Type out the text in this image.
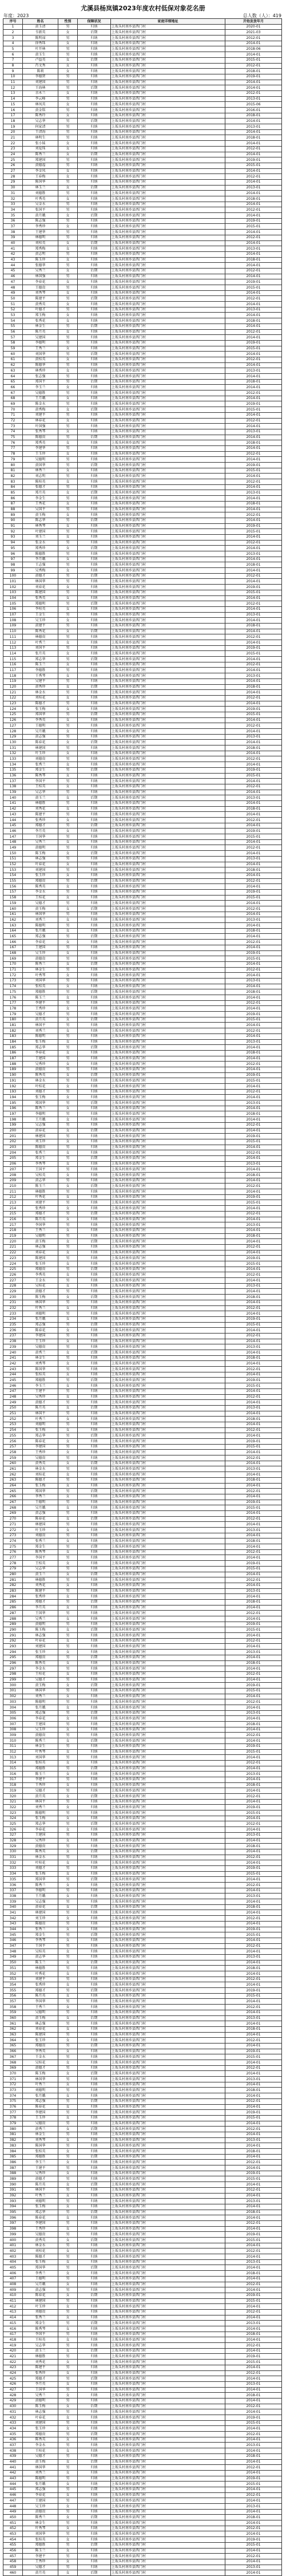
尤溪县杨岚镇2023年度农村低保对象花名册
年度：2023	总人数（人）：419
序号	姓名	性别	保障状况	家庭详细地址	开始发放年月
1	黄玉清	男	归纳	上坂头村南乡县西门村	2020-01
2	韦新英	女	后期	上坂头村南乡县西门村	2021-03
3	陈明禄	男	归纳	上坂头村南乡县西门村	2012-01
4	徐秀珠	女	归纳	上坂头村南乡县西门村	2014-01
5	叶开林	男	归纳	上坂头村南乡县西门村	2018-06
6	黄玉生	男	归纳	上坂头村南乡县西门村	2014-01
7	卢益英	女	后期	上坂头村南乡县西门村	2015-01
8	肖文秀	女	归纳	上坂头村南乡县西门村	2012-01
9	陈莉	女	归纳	上坂头村南乡县西门村	2018-01
10	李德贤	男	归纳	上坂头村南乡县西门村	2019-01
11	刘建国	男	归纳	上坂头村南乡县西门村	2014-01
12	王海林	男	后期	上坂头村南乡县西门村	2014-01
13	余木兰	女	归纳	上坂头村南乡县西门村	2012-01
14	李云峰	男	归纳	上坂头村南乡县西门村	2013-01
15	林凤英	女	归纳	上坂头村南乡县西门村	2015-06
16	黄金铭	男	归纳	上坂头村南乡县西门村	2016-01
17	陈秀玲	女	归纳	上坂头村南乡县西门村	2018-01
18	吴志华	男	后期	上坂头村南乡县西门村	2014-01
19	何家清	男	归纳	上坂头村南乡县西门村	2013-01
20	王清海	男	归纳	上坂头村南乡县西门村	2014-01
21	林明生	男	归纳	上坂头村南乡县西门村	2018-01
22	张小妹	女	归纳	上坂头村南乡县西门村	2014-01
23	刘爱珠	女	归纳	上坂头村南乡县西门村	2012-01
24	陈秀兰	女	后期	上坂头村南乡县西门村	2014-01
25	郑建国	男	归纳	上坂头村南乡县西门村	2019-01
26	黄德福	男	归纳	上坂头村南乡县西门村	2015-01
27	李金凤	女	归纳	上坂头村南乡县西门村	2014-01
28	王春梅	女	归纳	上坂头村南乡县西门村	2012-01
29	陈国华	男	归纳	上坂头村南乡县西门村	2014-01
30	林玉兰	女	后期	上坂头村南乡县西门村	2013-01
31	刘德胜	男	归纳	上坂头村南乡县西门村	2014-01
32	叶秀英	女	归纳	上坂头村南乡县西门村	2018-01
33	吴金水	男	归纳	上坂头村南乡县西门村	2014-01
34	张国平	男	归纳	上坂头村南乡县西门村	2012-01
35	黄月娥	女	后期	上坂头村南乡县西门村	2014-01
36	陈志强	男	归纳	上坂头村南乡县西门村	2019-01
37	李秀珍	女	归纳	上坂头村南乡县西门村	2015-01
38	王建华	男	归纳	上坂头村南乡县西门村	2014-01
39	林德明	男	归纳	上坂头村南乡县西门村	2012-01
40	刘桂英	女	后期	上坂头村南乡县西门村	2014-01
41	郑秀梅	女	归纳	上坂头村南乡县西门村	2013-01
42	黄志明	男	归纳	上坂头村南乡县西门村	2014-01
43	陈玉珍	女	归纳	上坂头村南乡县西门村	2018-01
44	张德华	男	归纳	上坂头村南乡县西门村	2014-01
45	吴秀兰	女	后期	上坂头村南乡县西门村	2012-01
46	林国强	男	归纳	上坂头村南乡县西门村	2014-01
47	李春花	女	归纳	上坂头村南乡县西门村	2019-01
48	王德贵	男	归纳	上坂头村南乡县西门村	2015-01
49	刘秀琴	女	归纳	上坂头村南乡县西门村	2014-01
50	陈建平	男	后期	上坂头村南乡县西门村	2012-01
51	黄秀英	女	归纳	上坂头村南乡县西门村	2014-01
52	叶德才	男	归纳	上坂头村南乡县西门村	2013-01
53	郑玉梅	女	归纳	上坂头村南乡县西门村	2014-01
54	张秀花	女	归纳	上坂头村南乡县西门村	2018-01
55	林金生	男	后期	上坂头村南乡县西门村	2014-01
56	陈月英	女	归纳	上坂头村南乡县西门村	2012-01
57	吴建国	男	归纳	上坂头村南乡县西门村	2014-01
58	李德明	男	归纳	上坂头村南乡县西门村	2019-01
59	王秀兰	女	归纳	上坂头村南乡县西门村	2015-01
60	刘国华	男	后期	上坂头村南乡县西门村	2014-01
61	黄桂英	女	归纳	上坂头村南乡县西门村	2012-01
62	陈德华	男	归纳	上坂头村南乡县西门村	2014-01
63	林秀珍	女	归纳	上坂头村南乡县西门村	2013-01
64	张志强	男	归纳	上坂头村南乡县西门村	2014-01
65	郑国平	男	后期	上坂头村南乡县西门村	2018-01
66	李玉兰	女	归纳	上坂头村南乡县西门村	2014-01
67	吴德胜	男	归纳	上坂头村南乡县西门村	2012-01
68	王月娥	女	归纳	上坂头村南乡县西门村	2014-01
69	陈金水	男	归纳	上坂头村南乡县西门村	2019-01
70	黄秀梅	女	后期	上坂头村南乡县西门村	2015-01
71	刘建平	男	归纳	上坂头村南乡县西门村	2014-01
72	林春花	女	归纳	上坂头村南乡县西门村	2012-01
73	叶国强	男	归纳	上坂头村南乡县西门村	2014-01
74	张秀琴	女	归纳	上坂头村南乡县西门村	2013-01
75	陈德贵	男	后期	上坂头村南乡县西门村	2014-01
76	郑秀英	女	归纳	上坂头村南乡县西门村	2018-01
77	李建华	男	归纳	上坂头村南乡县西门村	2014-01
78	王玉珍	女	归纳	上坂头村南乡县西门村	2012-01
79	吴德明	男	归纳	上坂头村南乡县西门村	2014-01
80	黄国华	男	后期	上坂头村南乡县西门村	2019-01
81	林秀兰	女	归纳	上坂头村南乡县西门村	2015-01
82	刘志明	男	归纳	上坂头村南乡县西门村	2014-01
83	陈桂英	女	归纳	上坂头村南乡县西门村	2012-01
84	张德才	男	归纳	上坂头村南乡县西门村	2014-01
85	郑月英	女	后期	上坂头村南乡县西门村	2013-01
86	李金生	男	归纳	上坂头村南乡县西门村	2014-01
87	王秀花	女	归纳	上坂头村南乡县西门村	2018-01
88	吴国平	男	归纳	上坂头村南乡县西门村	2014-01
89	黄玉梅	女	归纳	上坂头村南乡县西门村	2012-01
90	陈志华	男	后期	上坂头村南乡县西门村	2014-01
91	林秀琴	女	归纳	上坂头村南乡县西门村	2019-01
92	叶建国	男	归纳	上坂头村南乡县西门村	2015-01
93	刘玉兰	女	归纳	上坂头村南乡县西门村	2014-01
94	张金水	男	归纳	上坂头村南乡县西门村	2012-01
95	郑秀珍	女	后期	上坂头村南乡县西门村	2014-01
96	陈德胜	男	归纳	上坂头村南乡县西门村	2013-01
97	李月娥	女	归纳	上坂头村南乡县西门村	2014-01
98	王志强	男	归纳	上坂头村南乡县西门村	2018-01
99	吴秀梅	女	归纳	上坂头村南乡县西门村	2014-01
100	黄德才	男	后期	上坂头村南乡县西门村	2012-01
101	林国华	男	归纳	上坂头村南乡县西门村	2014-01
102	刘春花	女	归纳	上坂头村南乡县西门村	2019-01
103	陈建国	男	归纳	上坂头村南乡县西门村	2015-01
104	张秀英	女	归纳	上坂头村南乡县西门村	2014-01
105	郑德明	男	后期	上坂头村南乡县西门村	2012-01
106	李桂英	女	归纳	上坂头村南乡县西门村	2014-01
107	王金生	男	归纳	上坂头村南乡县西门村	2013-01
108	吴玉珍	女	归纳	上坂头村南乡县西门村	2014-01
109	黄建平	男	归纳	上坂头村南乡县西门村	2018-01
110	陈秀花	女	后期	上坂头村南乡县西门村	2014-01
111	林德贵	男	归纳	上坂头村南乡县西门村	2012-01
112	叶秀兰	女	归纳	上坂头村南乡县西门村	2014-01
113	刘国平	男	归纳	上坂头村南乡县西门村	2019-01
114	张月英	女	归纳	上坂头村南乡县西门村	2015-01
115	郑志华	男	后期	上坂头村南乡县西门村	2014-01
116	陈玉兰	女	归纳	上坂头村南乡县西门村	2012-01
117	李德胜	男	归纳	上坂头村南乡县西门村	2014-01
118	王秀琴	女	归纳	上坂头村南乡县西门村	2013-01
119	吴建平	男	归纳	上坂头村南乡县西门村	2014-01
120	黄秀珍	女	后期	上坂头村南乡县西门村	2018-01
121	林金水	男	归纳	上坂头村南乡县西门村	2014-01
122	刘桂花	女	归纳	上坂头村南乡县西门村	2012-01
123	陈德才	男	归纳	上坂头村南乡县西门村	2014-01
124	张玉梅	女	归纳	上坂头村南乡县西门村	2019-01
125	郑国华	男	后期	上坂头村南乡县西门村	2015-01
126	李秀英	女	归纳	上坂头村南乡县西门村	2014-01
127	王德明	男	归纳	上坂头村南乡县西门村	2012-01
128	吴月娥	女	归纳	上坂头村南乡县西门村	2014-01
129	黄志强	男	归纳	上坂头村南乡县西门村	2013-01
130	陈春花	女	后期	上坂头村南乡县西门村	2014-01
131	林建国	男	归纳	上坂头村南乡县西门村	2018-01
132	叶玉珍	女	归纳	上坂头村南乡县西门村	2014-01
133	刘德贵	男	归纳	上坂头村南乡县西门村	2012-01
134	张秀兰	女	归纳	上坂头村南乡县西门村	2014-01
135	郑金生	男	后期	上坂头村南乡县西门村	2019-01
136	陈秀琴	女	归纳	上坂头村南乡县西门村	2015-01
137	李国平	男	归纳	上坂头村南乡县西门村	2014-01
138	王桂英	女	归纳	上坂头村南乡县西门村	2012-01
139	吴志华	男	归纳	上坂头村南乡县西门村	2014-01
140	黄玉兰	女	后期	上坂头村南乡县西门村	2013-01
141	林德胜	男	归纳	上坂头村南乡县西门村	2014-01
142	刘秀花	女	归纳	上坂头村南乡县西门村	2018-01
143	陈建平	男	归纳	上坂头村南乡县西门村	2014-01
144	张秀珍	女	归纳	上坂头村南乡县西门村	2012-01
145	郑德才	男	后期	上坂头村南乡县西门村	2014-01
146	李月英	女	归纳	上坂头村南乡县西门村	2019-01
147	王国华	男	归纳	上坂头村南乡县西门村	2015-01
148	吴秀兰	女	归纳	上坂头村南乡县西门村	2014-01
149	黄德明	男	归纳	上坂头村南乡县西门村	2012-01
150	陈玉梅	女	后期	上坂头村南乡县西门村	2014-01
151	林志强	男	归纳	上坂头村南乡县西门村	2013-01
152	叶春花	女	归纳	上坂头村南乡县西门村	2014-01
153	刘建国	男	归纳	上坂头村南乡县西门村	2018-01
154	张玉珍	女	归纳	上坂头村南乡县西门村	2014-01
155	郑德贵	男	后期	上坂头村南乡县西门村	2012-01
156	陈秀英	女	归纳	上坂头村南乡县西门村	2014-01
157	李金水	男	归纳	上坂头村南乡县西门村	2019-01
158	王桂花	女	归纳	上坂头村南乡县西门村	2015-01
159	吴德才	男	归纳	上坂头村南乡县西门村	2014-01
160	黄玉梅	女	后期	上坂头村南乡县西门村	2012-01
161	林国华	男	归纳	上坂头村南乡县西门村	2014-01
162	刘秀兰	女	归纳	上坂头村南乡县西门村	2013-01
163	陈德明	男	归纳	上坂头村南乡县西门村	2014-01
164	张月娥	女	归纳	上坂头村南乡县西门村	2018-01
165	郑志强	男	后期	上坂头村南乡县西门村	2014-01
166	李春花	女	归纳	上坂头村南乡县西门村	2012-01
167	王建国	男	归纳	上坂头村南乡县西门村	2014-01
168	吴玉珍	女	归纳	上坂头村南乡县西门村	2019-01
169	黄德贵	男	归纳	上坂头村南乡县西门村	2015-01
170	陈秀兰	女	后期	上坂头村南乡县西门村	2014-01
171	林金生	男	归纳	上坂头村南乡县西门村	2012-01
172	叶秀琴	女	归纳	上坂头村南乡县西门村	2014-01
173	刘国华	男	归纳	上坂头村南乡县西门村	2013-01
174	张桂英	女	归纳	上坂头村南乡县西门村	2014-01
175	郑德胜	男	后期	上坂头村南乡县西门村	2018-01
176	陈玉兰	女	归纳	上坂头村南乡县西门村	2014-01
177	李建平	男	归纳	上坂头村南乡县西门村	2012-01
178	王秀珍	女	归纳	上坂头村南乡县西门村	2014-01
179	吴德才	男	归纳	上坂头村南乡县西门村	2019-01
180	黄月英	女	后期	上坂头村南乡县西门村	2015-01
181	林国平	男	归纳	上坂头村南乡县西门村	2014-01
182	刘秀兰	女	归纳	上坂头村南乡县西门村	2012-01
183	陈德明	男	归纳	上坂头村南乡县西门村	2014-01
184	张玉梅	女	归纳	上坂头村南乡县西门村	2013-01
185	郑志华	男	后期	上坂头村南乡县西门村	2014-01
186	李春花	女	归纳	上坂头村南乡县西门村	2018-01
187	王建国	男	归纳	上坂头村南乡县西门村	2014-01
188	吴秀珍	女	归纳	上坂头村南乡县西门村	2012-01
189	黄德贵	男	归纳	上坂头村南乡县西门村	2014-01
190	陈秀英	女	后期	上坂头村南乡县西门村	2019-01
191	林金水	男	归纳	上坂头村南乡县西门村	2015-01
192	叶桂花	女	归纳	上坂头村南乡县西门村	2014-01
193	刘德才	男	归纳	上坂头村南乡县西门村	2012-01
194	张玉梅	女	归纳	上坂头村南乡县西门村	2014-01
195	郑国华	男	后期	上坂头村南乡县西门村	2013-01
196	陈秀兰	女	归纳	上坂头村南乡县西门村	2014-01
197	李德明	男	归纳	上坂头村南乡县西门村	2018-01
198	王月娥	女	归纳	上坂头村南乡县西门村	2014-01
199	吴志强	男	归纳	上坂头村南乡县西门村	2012-01
200	黄春花	女	后期	上坂头村南乡县西门村	2014-01
201	林建国	男	归纳	上坂头村南乡县西门村	2019-01
202	刘玉珍	女	归纳	上坂头村南乡县西门村	2015-01
203	陈德贵	男	归纳	上坂头村南乡县西门村	2014-01
204	张秀兰	女	归纳	上坂头村南乡县西门村	2012-01
205	郑金生	男	后期	上坂头村南乡县西门村	2014-01
206	李秀琴	女	归纳	上坂头村南乡县西门村	2013-01
207	王国平	男	归纳	上坂头村南乡县西门村	2014-01
208	吴桂英	女	归纳	上坂头村南乡县西门村	2018-01
209	黄志华	男	归纳	上坂头村南乡县西门村	2014-01
210	陈玉兰	女	后期	上坂头村南乡县西门村	2012-01
211	林德胜	男	归纳	上坂头村南乡县西门村	2014-01
212	叶秀花	女	归纳	上坂头村南乡县西门村	2019-01
213	刘建平	男	归纳	上坂头村南乡县西门村	2015-01
214	张秀珍	女	归纳	上坂头村南乡县西门村	2014-01
215	郑德才	男	后期	上坂头村南乡县西门村	2012-01
216	陈月英	女	归纳	上坂头村南乡县西门村	2014-01
217	李国华	男	归纳	上坂头村南乡县西门村	2013-01
218	王秀兰	女	归纳	上坂头村南乡县西门村	2014-01
219	吴德明	男	归纳	上坂头村南乡县西门村	2018-01
220	黄玉梅	女	后期	上坂头村南乡县西门村	2014-01
221	林志强	男	归纳	上坂头村南乡县西门村	2012-01
222	刘春花	女	归纳	上坂头村南乡县西门村	2014-01
223	陈建国	男	归纳	上坂头村南乡县西门村	2019-01
224	张玉珍	女	归纳	上坂头村南乡县西门村	2015-01
225	郑德贵	男	后期	上坂头村南乡县西门村	2014-01
226	李秀英	女	归纳	上坂头村南乡县西门村	2012-01
227	王金水	男	归纳	上坂头村南乡县西门村	2014-01
228	吴桂花	女	归纳	上坂头村南乡县西门村	2013-01
229	黄德才	男	归纳	上坂头村南乡县西门村	2014-01
230	陈玉梅	女	后期	上坂头村南乡县西门村	2018-01
231	林国华	男	归纳	上坂头村南乡县西门村	2014-01
232	叶秀兰	女	归纳	上坂头村南乡县西门村	2012-01
233	刘德明	男	归纳	上坂头村南乡县西门村	2014-01
234	张月娥	女	归纳	上坂头村南乡县西门村	2019-01
235	郑志强	男	后期	上坂头村南乡县西门村	2015-01
236	陈春花	女	归纳	上坂头村南乡县西门村	2014-01
237	李建国	男	归纳	上坂头村南乡县西门村	2012-01
238	王玉珍	女	归纳	上坂头村南乡县西门村	2014-01
239	吴德贵	男	归纳	上坂头村南乡县西门村	2013-01
240	黄秀兰	女	后期	上坂头村南乡县西门村	2014-01
241	林金生	男	归纳	上坂头村南乡县西门村	2018-01
242	刘秀琴	女	归纳	上坂头村南乡县西门村	2014-01
243	陈国华	男	归纳	上坂头村南乡县西门村	2012-01
244	张桂英	女	归纳	上坂头村南乡县西门村	2014-01
245	郑德胜	男	后期	上坂头村南乡县西门村	2019-01
246	李玉兰	女	归纳	上坂头村南乡县西门村	2015-01
247	王建平	男	归纳	上坂头村南乡县西门村	2014-01
248	吴秀珍	女	归纳	上坂头村南乡县西门村	2012-01
249	黄德才	男	归纳	上坂头村南乡县西门村	2014-01
250	陈月英	女	后期	上坂头村南乡县西门村	2013-01
251	林国平	男	归纳	上坂头村南乡县西门村	2014-01
252	叶秀兰	女	归纳	上坂头村南乡县西门村	2018-01
253	刘德明	男	归纳	上坂头村南乡县西门村	2014-01
254	张玉梅	女	归纳	上坂头村南乡县西门村	2012-01
255	郑志华	男	后期	上坂头村南乡县西门村	2014-01
256	陈春花	女	归纳	上坂头村南乡县西门村	2019-01
257	李建国	男	归纳	上坂头村南乡县西门村	2015-01
258	王秀珍	女	归纳	上坂头村南乡县西门村	2014-01
259	吴德贵	男	归纳	上坂头村南乡县西门村	2012-01
260	黄秀英	女	后期	上坂头村南乡县西门村	2014-01
261	林金水	男	归纳	上坂头村南乡县西门村	2013-01
262	刘桂花	女	归纳	上坂头村南乡县西门村	2014-01
263	陈德才	男	归纳	上坂头村南乡县西门村	2018-01
264	张玉梅	女	归纳	上坂头村南乡县西门村	2014-01
265	郑国华	男	后期	上坂头村南乡县西门村	2012-01
266	李秀兰	女	归纳	上坂头村南乡县西门村	2014-01
267	王德明	男	归纳	上坂头村南乡县西门村	2019-01
268	吴月娥	女	归纳	上坂头村南乡县西门村	2015-01
269	黄志强	男	归纳	上坂头村南乡县西门村	2014-01
270	陈春花	女	后期	上坂头村南乡县西门村	2012-01
271	林建国	男	归纳	上坂头村南乡县西门村	2014-01
272	叶玉珍	女	归纳	上坂头村南乡县西门村	2013-01
273	刘德贵	男	归纳	上坂头村南乡县西门村	2014-01
274	张秀兰	女	归纳	上坂头村南乡县西门村	2018-01
275	郑金生	男	后期	上坂头村南乡县西门村	2014-01
276	陈秀琴	女	归纳	上坂头村南乡县西门村	2012-01
277	李国平	男	归纳	上坂头村南乡县西门村	2014-01
278	王桂英	女	归纳	上坂头村南乡县西门村	2019-01
279	吴志华	男	归纳	上坂头村南乡县西门村	2015-01
280	黄玉兰	女	后期	上坂头村南乡县西门村	2014-01
281	林德胜	男	归纳	上坂头村南乡县西门村	2012-01
282	刘秀花	女	归纳	上坂头村南乡县西门村	2014-01
283	陈建平	男	归纳	上坂头村南乡县西门村	2013-01
284	张秀珍	女	归纳	上坂头村南乡县西门村	2014-01
285	郑德才	男	后期	上坂头村南乡县西门村	2018-01
286	李月英	女	归纳	上坂头村南乡县西门村	2014-01
287	王国华	男	归纳	上坂头村南乡县西门村	2012-01
288	吴秀兰	女	归纳	上坂头村南乡县西门村	2014-01
289	黄德明	男	归纳	上坂头村南乡县西门村	2019-01
290	陈玉梅	女	后期	上坂头村南乡县西门村	2015-01
291	林志强	男	归纳	上坂头村南乡县西门村	2014-01
292	叶春花	女	归纳	上坂头村南乡县西门村	2012-01
293	刘建国	男	归纳	上坂头村南乡县西门村	2014-01
294	张玉珍	女	归纳	上坂头村南乡县西门村	2013-01
295	郑德贵	男	后期	上坂头村南乡县西门村	2014-01
296	陈秀英	女	归纳	上坂头村南乡县西门村	2018-01
297	李金水	男	归纳	上坂头村南乡县西门村	2014-01
298	王桂花	女	归纳	上坂头村南乡县西门村	2012-01
299	吴德才	男	归纳	上坂头村南乡县西门村	2014-01
300	黄玉梅	女	后期	上坂头村南乡县西门村	2019-01
301	林国华	男	归纳	上坂头村南乡县西门村	2015-01
302	刘秀兰	女	归纳	上坂头村南乡县西门村	2014-01
303	陈德明	男	归纳	上坂头村南乡县西门村	2012-01
304	张月娥	女	归纳	上坂头村南乡县西门村	2014-01
305	郑志强	男	后期	上坂头村南乡县西门村	2013-01
306	李春花	女	归纳	上坂头村南乡县西门村	2014-01
307	王建国	男	归纳	上坂头村南乡县西门村	2018-01
308	吴玉珍	女	归纳	上坂头村南乡县西门村	2014-01
309	黄德贵	男	归纳	上坂头村南乡县西门村	2012-01
310	陈秀兰	女	后期	上坂头村南乡县西门村	2014-01
311	林金生	男	归纳	上坂头村南乡县西门村	2019-01
312	叶秀琴	女	归纳	上坂头村南乡县西门村	2015-01
313	刘国华	男	归纳	上坂头村南乡县西门村	2014-01
314	张桂英	女	归纳	上坂头村南乡县西门村	2012-01
315	郑德胜	男	后期	上坂头村南乡县西门村	2014-01
316	陈玉兰	女	归纳	上坂头村南乡县西门村	2013-01
317	李建平	男	归纳	上坂头村南乡县西门村	2014-01
318	王秀珍	女	归纳	上坂头村南乡县西门村	2018-01
319	吴德才	男	归纳	上坂头村南乡县西门村	2014-01
320	黄月英	女	后期	上坂头村南乡县西门村	2012-01
321	林国平	男	归纳	上坂头村南乡县西门村	2014-01
322	刘秀兰	女	归纳	上坂头村南乡县西门村	2019-01
323	陈德明	男	归纳	上坂头村南乡县西门村	2015-01
324	张玉梅	女	归纳	上坂头村南乡县西门村	2014-01
325	郑志华	男	后期	上坂头村南乡县西门村	2012-01
326	李春花	女	归纳	上坂头村南乡县西门村	2014-01
327	王建国	男	归纳	上坂头村南乡县西门村	2013-01
328	吴秀珍	女	归纳	上坂头村南乡县西门村	2014-01
329	黄德贵	男	归纳	上坂头村南乡县西门村	2018-01
330	陈秀英	女	后期	上坂头村南乡县西门村	2014-01
331	林金水	男	归纳	上坂头村南乡县西门村	2012-01
332	叶桂花	女	归纳	上坂头村南乡县西门村	2014-01
333	刘德才	男	归纳	上坂头村南乡县西门村	2019-01
334	张玉梅	女	归纳	上坂头村南乡县西门村	2015-01
335	郑国华	男	后期	上坂头村南乡县西门村	2014-01
336	陈秀兰	女	归纳	上坂头村南乡县西门村	2012-01
337	李德明	男	归纳	上坂头村南乡县西门村	2014-01
338	王月娥	女	归纳	上坂头村南乡县西门村	2013-01
339	吴志强	男	归纳	上坂头村南乡县西门村	2014-01
340	黄春花	女	后期	上坂头村南乡县西门村	2018-01
341	林建国	男	归纳	上坂头村南乡县西门村	2014-01
342	刘玉珍	女	归纳	上坂头村南乡县西门村	2012-01
343	陈德贵	男	归纳	上坂头村南乡县西门村	2014-01
344	张秀兰	女	归纳	上坂头村南乡县西门村	2019-01
345	郑金生	男	后期	上坂头村南乡县西门村	2015-01
346	李秀琴	女	归纳	上坂头村南乡县西门村	2014-01
347	王国平	男	归纳	上坂头村南乡县西门村	2012-01
348	吴桂英	女	归纳	上坂头村南乡县西门村	2014-01
349	黄志华	男	归纳	上坂头村南乡县西门村	2013-01
350	陈玉兰	女	后期	上坂头村南乡县西门村	2014-01
351	林德胜	男	归纳	上坂头村南乡县西门村	2018-01
352	叶秀花	女	归纳	上坂头村南乡县西门村	2014-01
353	刘建平	男	归纳	上坂头村南乡县西门村	2012-01
354	张秀珍	女	归纳	上坂头村南乡县西门村	2014-01
355	郑德才	男	后期	上坂头村南乡县西门村	2019-01
356	陈月英	女	归纳	上坂头村南乡县西门村	2015-01
357	李国华	男	归纳	上坂头村南乡县西门村	2014-01
358	王秀兰	女	归纳	上坂头村南乡县西门村	2012-01
359	吴德明	男	归纳	上坂头村南乡县西门村	2014-01
360	黄玉梅	女	后期	上坂头村南乡县西门村	2013-01
361	林志强	男	归纳	上坂头村南乡县西门村	2014-01
362	刘春花	女	归纳	上坂头村南乡县西门村	2018-01
363	陈建国	男	归纳	上坂头村南乡县西门村	2014-01
364	张玉珍	女	归纳	上坂头村南乡县西门村	2012-01
365	郑德贵	男	后期	上坂头村南乡县西门村	2014-01
366	李秀英	女	归纳	上坂头村南乡县西门村	2019-01
367	王金水	男	归纳	上坂头村南乡县西门村	2015-01
368	吴桂花	女	归纳	上坂头村南乡县西门村	2014-01
369	黄德才	男	归纳	上坂头村南乡县西门村	2012-01
370	陈玉梅	女	后期	上坂头村南乡县西门村	2014-01
371	林国华	男	归纳	上坂头村南乡县西门村	2013-01
372	叶秀兰	女	归纳	上坂头村南乡县西门村	2014-01
373	刘德明	男	归纳	上坂头村南乡县西门村	2018-01
374	张月娥	女	归纳	上坂头村南乡县西门村	2014-01
375	郑志强	男	后期	上坂头村南乡县西门村	2012-01
376	陈春花	女	归纳	上坂头村南乡县西门村	2014-01
377	李建国	男	归纳	上坂头村南乡县西门村	2019-01
378	王玉珍	女	归纳	上坂头村南乡县西门村	2015-01
379	吴德贵	男	归纳	上坂头村南乡县西门村	2014-01
380	黄秀兰	女	后期	上坂头村南乡县西门村	2012-01
381	林金生	男	归纳	上坂头村南乡县西门村	2014-01
382	刘秀琴	女	归纳	上坂头村南乡县西门村	2013-01
383	陈国华	男	归纳	上坂头村南乡县西门村	2014-01
384	张桂英	女	归纳	上坂头村南乡县西门村	2018-01
385	郑德胜	男	后期	上坂头村南乡县西门村	2014-01
386	李玉兰	女	归纳	上坂头村南乡县西门村	2012-01
387	王建平	男	归纳	上坂头村南乡县西门村	2014-01
388	吴秀珍	女	归纳	上坂头村南乡县西门村	2019-01
389	黄德才	男	归纳	上坂头村南乡县西门村	2015-01
390	陈月英	女	后期	上坂头村南乡县西门村	2014-01
391	林国平	男	归纳	上坂头村南乡县西门村	2012-01
392	叶秀兰	女	归纳	上坂头村南乡县西门村	2014-01
393	刘德明	男	归纳	上坂头村南乡县西门村	2013-01
394	张玉梅	女	归纳	上坂头村南乡县西门村	2014-01
395	郑志华	男	后期	上坂头村南乡县西门村	2018-01
396	陈春花	女	归纳	上坂头村南乡县西门村	2014-01
397	李建国	男	归纳	上坂头村南乡县西门村	2012-01
398	王秀珍	女	归纳	上坂头村南乡县西门村	2014-01
399	吴德贵	男	归纳	上坂头村南乡县西门村	2019-01
400	黄秀英	女	后期	上坂头村南乡县西门村	2015-01
401	林金水	男	归纳	上坂头村南乡县西门村	2014-01
402	刘桂花	女	归纳	上坂头村南乡县西门村	2012-01
403	陈德才	男	归纳	上坂头村南乡县西门村	2014-01
404	张玉梅	女	归纳	上坂头村南乡县西门村	2013-01
405	郑国华	男	后期	上坂头村南乡县西门村	2014-01
406	李秀兰	女	归纳	上坂头村南乡县西门村	2018-01
407	王德明	男	归纳	上坂头村南乡县西门村	2014-01
408	吴月娥	女	归纳	上坂头村南乡县西门村	2012-01
409	黄志强	男	归纳	上坂头村南乡县西门村	2014-01
410	陈春花	女	后期	上坂头村南乡县西门村	2019-01
411	林建国	男	归纳	上坂头村南乡县西门村	2015-01
412	叶玉珍	女	归纳	上坂头村南乡县西门村	2014-01
413	刘德贵	男	归纳	上坂头村南乡县西门村	2012-01
414	张秀兰	女	归纳	上坂头村南乡县西门村	2014-01
415	郑金生	男	后期	上坂头村南乡县西门村	2013-01
416	陈秀琴	女	归纳	上坂头村南乡县西门村	2014-01
417	李国平	男	归纳	上坂头村南乡县西门村	2018-01
418	王桂英	女	归纳	上坂头村南乡县西门村	2014-01
419	吴志华	男	归纳	上坂头村南乡县西门村	2012-01
420	黄玉兰	女	后期	上坂头村南乡县西门村	2014-01
421	林德胜	男	归纳	上坂头村南乡县西门村	2019-01
422	刘秀花	女	归纳	上坂头村南乡县西门村	2015-01
423	陈建平	男	归纳	上坂头村南乡县西门村	2014-01
424	张秀珍	女	归纳	上坂头村南乡县西门村	2012-01
425	郑德才	男	后期	上坂头村南乡县西门村	2014-01
426	李月英	女	归纳	上坂头村南乡县西门村	2013-01
427	王国华	男	归纳	上坂头村南乡县西门村	2014-01
428	吴秀兰	女	归纳	上坂头村南乡县西门村	2018-01
429	黄德明	男	归纳	上坂头村南乡县西门村	2014-01
430	陈玉梅	女	后期	上坂头村南乡县西门村	2012-01
431	林志强	男	归纳	上坂头村南乡县西门村	2014-01
432	叶春花	女	归纳	上坂头村南乡县西门村	2019-01
433	刘建国	男	归纳	上坂头村南乡县西门村	2015-01
434	张玉珍	女	归纳	上坂头村南乡县西门村	2014-01
435	郑德贵	男	后期	上坂头村南乡县西门村	2012-01
436	陈秀英	女	归纳	上坂头村南乡县西门村	2014-01
437	李金水	男	归纳	上坂头村南乡县西门村	2013-01
438	王桂花	女	归纳	上坂头村南乡县西门村	2014-01
439	吴德才	男	归纳	上坂头村南乡县西门村	2018-01
440	黄玉梅	女	后期	上坂头村南乡县西门村	2014-01
441	林国华	男	归纳	上坂头村南乡县西门村	2012-01
442	刘秀兰	女	归纳	上坂头村南乡县西门村	2014-01
443	陈德明	男	归纳	上坂头村南乡县西门村	2019-01
444	张月娥	女	归纳	上坂头村南乡县西门村	2015-01
445	郑志强	男	后期	上坂头村南乡县西门村	2014-01
446	李春花	女	归纳	上坂头村南乡县西门村	2012-01
447	王建国	男	归纳	上坂头村南乡县西门村	2014-01
448	吴玉珍	女	归纳	上坂头村南乡县西门村	2013-01
449	黄德贵	男	归纳	上坂头村南乡县西门村	2014-01
450	陈秀兰	女	后期	上坂头村南乡县西门村	2018-01
451	林金生	男	归纳	上坂头村南乡县西门村	2014-01
452	叶秀琴	女	归纳	上坂头村南乡县西门村	2012-01
453	刘国华	男	归纳	上坂头村南乡县西门村	2014-01
454	张桂英	女	归纳	上坂头村南乡县西门村	2019-01
455	郑德胜	男	后期	上坂头村南乡县西门村	2015-01
456	陈玉兰	女	归纳	上坂头村南乡县西门村	2014-01
457	李建平	男	归纳	上坂头村南乡县西门村	2012-01
458	王秀珍	女	归纳	上坂头村南乡县西门村	2014-01
459	吴德才	男	归纳	上坂头村南乡县西门村	2013-01
460	黄月英	女	后期	上坂头村南乡县西门村	2014-01
